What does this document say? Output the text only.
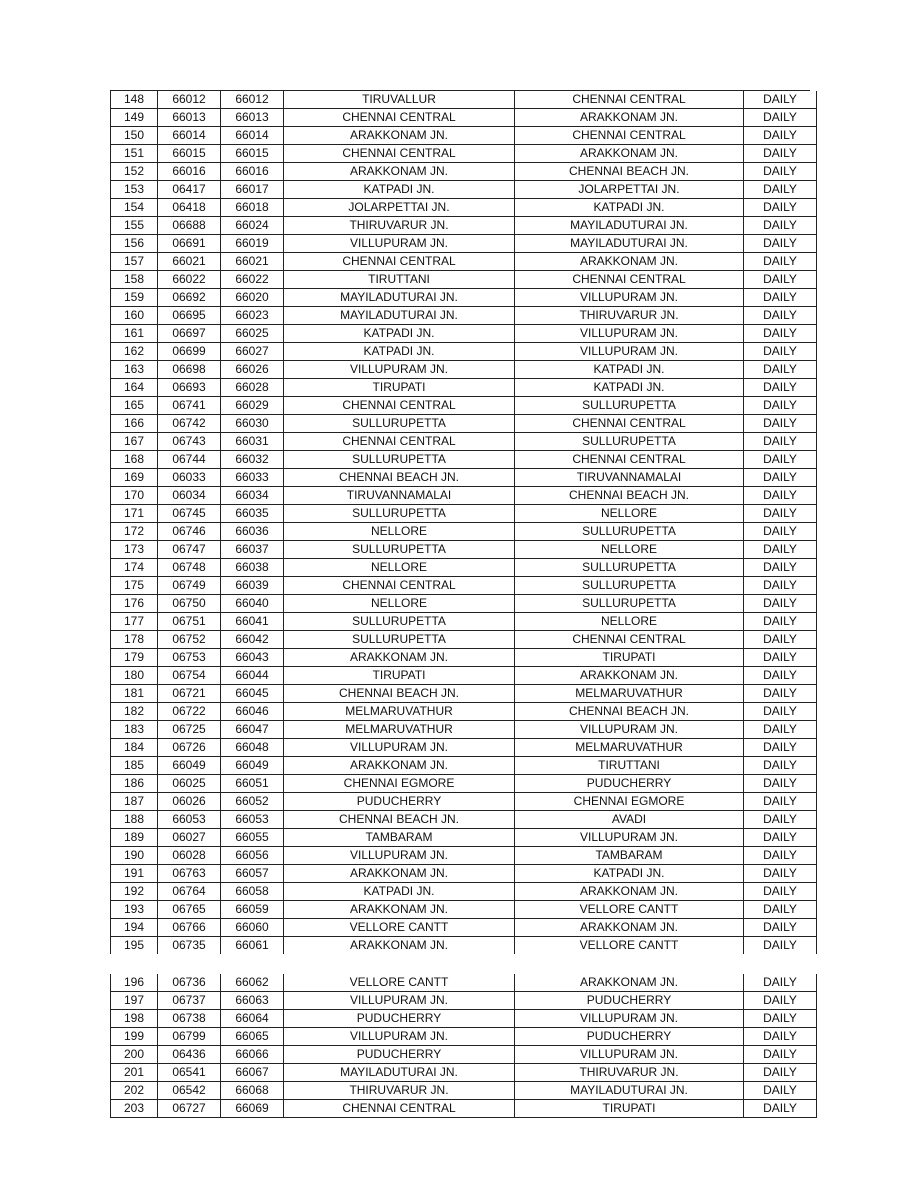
148	66012	66012	TIRUVALLUR	CHENNAI CENTRAL	DAILY
149	66013	66013	CHENNAI CENTRAL	ARAKKONAM JN.	DAILY
150	66014	66014	ARAKKONAM JN.	CHENNAI CENTRAL	DAILY
151	66015	66015	CHENNAI CENTRAL	ARAKKONAM JN.	DAILY
152	66016	66016	ARAKKONAM JN.	CHENNAI BEACH JN.	DAILY
153	06417	66017	KATPADI JN.	JOLARPETTAI JN.	DAILY
154	06418	66018	JOLARPETTAI JN.	KATPADI JN.	DAILY
155	06688	66024	THIRUVARUR JN.	MAYILADUTURAI JN.	DAILY
156	06691	66019	VILLUPURAM JN.	MAYILADUTURAI JN.	DAILY
157	66021	66021	CHENNAI CENTRAL	ARAKKONAM JN.	DAILY
158	66022	66022	TIRUTTANI	CHENNAI CENTRAL	DAILY
159	06692	66020	MAYILADUTURAI JN.	VILLUPURAM JN.	DAILY
160	06695	66023	MAYILADUTURAI JN.	THIRUVARUR JN.	DAILY
161	06697	66025	KATPADI JN.	VILLUPURAM JN.	DAILY
162	06699	66027	KATPADI JN.	VILLUPURAM JN.	DAILY
163	06698	66026	VILLUPURAM JN.	KATPADI JN.	DAILY
164	06693	66028	TIRUPATI	KATPADI JN.	DAILY
165	06741	66029	CHENNAI CENTRAL	SULLURUPETTA	DAILY
166	06742	66030	SULLURUPETTA	CHENNAI CENTRAL	DAILY
167	06743	66031	CHENNAI CENTRAL	SULLURUPETTA	DAILY
168	06744	66032	SULLURUPETTA	CHENNAI CENTRAL	DAILY
169	06033	66033	CHENNAI BEACH JN.	TIRUVANNAMALAI	DAILY
170	06034	66034	TIRUVANNAMALAI	CHENNAI BEACH JN.	DAILY
171	06745	66035	SULLURUPETTA	NELLORE	DAILY
172	06746	66036	NELLORE	SULLURUPETTA	DAILY
173	06747	66037	SULLURUPETTA	NELLORE	DAILY
174	06748	66038	NELLORE	SULLURUPETTA	DAILY
175	06749	66039	CHENNAI CENTRAL	SULLURUPETTA	DAILY
176	06750	66040	NELLORE	SULLURUPETTA	DAILY
177	06751	66041	SULLURUPETTA	NELLORE	DAILY
178	06752	66042	SULLURUPETTA	CHENNAI CENTRAL	DAILY
179	06753	66043	ARAKKONAM JN.	TIRUPATI	DAILY
180	06754	66044	TIRUPATI	ARAKKONAM JN.	DAILY
181	06721	66045	CHENNAI BEACH JN.	MELMARUVATHUR	DAILY
182	06722	66046	MELMARUVATHUR	CHENNAI BEACH JN.	DAILY
183	06725	66047	MELMARUVATHUR	VILLUPURAM JN.	DAILY
184	06726	66048	VILLUPURAM JN.	MELMARUVATHUR	DAILY
185	66049	66049	ARAKKONAM JN.	TIRUTTANI	DAILY
186	06025	66051	CHENNAI EGMORE	PUDUCHERRY	DAILY
187	06026	66052	PUDUCHERRY	CHENNAI EGMORE	DAILY
188	66053	66053	CHENNAI BEACH JN.	AVADI	DAILY
189	06027	66055	TAMBARAM	VILLUPURAM JN.	DAILY
190	06028	66056	VILLUPURAM JN.	TAMBARAM	DAILY
191	06763	66057	ARAKKONAM JN.	KATPADI JN.	DAILY
192	06764	66058	KATPADI JN.	ARAKKONAM JN.	DAILY
193	06765	66059	ARAKKONAM JN.	VELLORE CANTT	DAILY
194	06766	66060	VELLORE CANTT	ARAKKONAM JN.	DAILY
195	06735	66061	ARAKKONAM JN.	VELLORE CANTT	DAILY
196	06736	66062	VELLORE CANTT	ARAKKONAM JN.	DAILY
197	06737	66063	VILLUPURAM JN.	PUDUCHERRY	DAILY
198	06738	66064	PUDUCHERRY	VILLUPURAM JN.	DAILY
199	06799	66065	VILLUPURAM JN.	PUDUCHERRY	DAILY
200	06436	66066	PUDUCHERRY	VILLUPURAM JN.	DAILY
201	06541	66067	MAYILADUTURAI JN.	THIRUVARUR JN.	DAILY
202	06542	66068	THIRUVARUR JN.	MAYILADUTURAI JN.	DAILY
203	06727	66069	CHENNAI CENTRAL	TIRUPATI	DAILY
